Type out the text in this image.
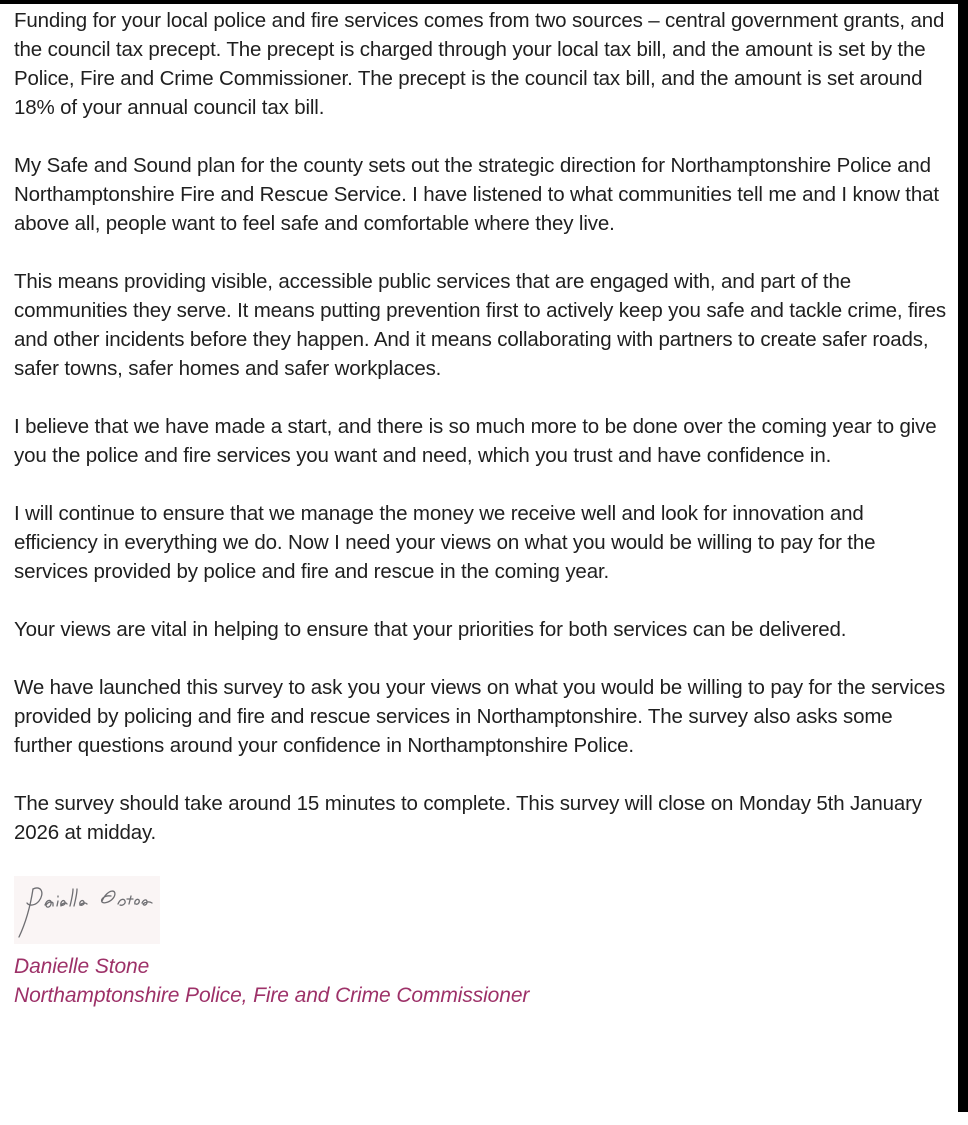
Funding for your local police and fire services comes from two sources – central government grants, and the council tax precept. The precept is charged through your local tax bill, and the amount is set by the Police, Fire and Crime Commissioner. The precept is the council tax bill, and the amount is set around 18% of your annual council tax bill.

My Safe and Sound plan for the county sets out the strategic direction for Northamptonshire Police and Northamptonshire Fire and Rescue Service. I have listened to what communities tell me and I know that above all, people want to feel safe and comfortable where they live.

This means providing visible, accessible public services that are engaged with, and part of the communities they serve. It means putting prevention first to actively keep you safe and tackle crime, fires and other incidents before they happen. And it means collaborating with partners to create safer roads, safer towns, safer homes and safer workplaces.

I believe that we have made a start, and there is so much more to be done over the coming year to give you the police and fire services you want and need, which you trust and have confidence in.

I will continue to ensure that we manage the money we receive well and look for innovation and efficiency in everything we do. Now I need your views on what you would be willing to pay for the services provided by police and fire and rescue in the coming year.

Your views are vital in helping to ensure that your priorities for both services can be delivered.

We have launched this survey to ask you your views on what you would be willing to pay for the services provided by policing and fire and rescue services in Northamptonshire. The survey also asks some further questions around your confidence in Northamptonshire Police.

The survey should take around 15 minutes to complete. This survey will close on Monday 5th January 2026 at midday.

Danielle Stone
Northamptonshire Police, Fire and Crime Commissioner
